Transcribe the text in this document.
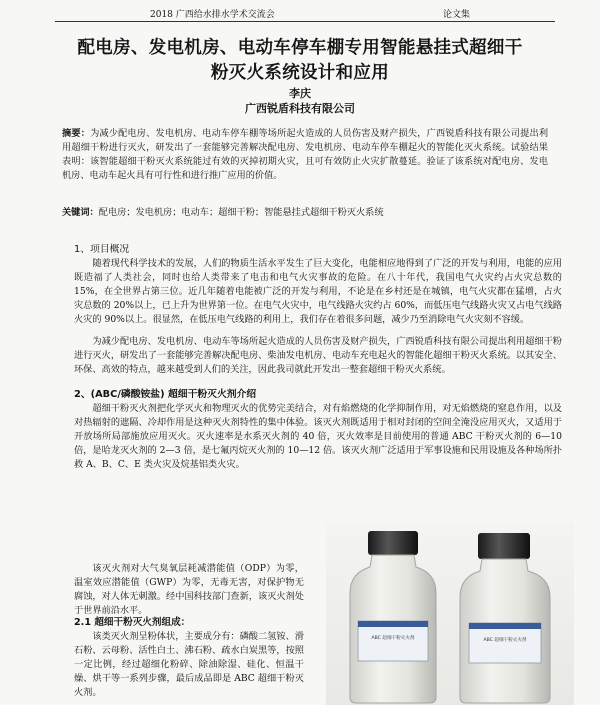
2018 广西给水排水学术交流会	论文集
配电房、发电机房、电动车停车棚专用智能悬挂式超细干
粉灭火系统设计和应用
李庆
广西锐盾科技有限公司
摘要：为减少配电房、发电机房、电动车停车棚等场所起火造成的人员伤害及财产损失，广西锐盾科技有限公司提出利用超细干粉进行灭火，研发出了一套能够完善解决配电房、发电机房、电动车停车棚起火的智能化灭火系统。试验结果表明：该智能超细干粉灭火系统能过有效的灭掉初期火灾，且可有效防止火灾扩散蔓延。验证了该系统对配电房、发电机房、电动车起火具有可行性和进行推广应用的价值。
关键词：配电房；发电机房；电动车；超细干粉；智能悬挂式超细干粉灭火系统
1、项目概况
随着现代科学技术的发展，人们的物质生活水平发生了巨大变化，电能相应地得到了广泛的开发与利用，电能的应用既造福了人类社会，同时也给人类带来了电击和电气火灾事故的危险。在八十年代，我国电气火灾约占火灾总数的 15%，在全世界占第三位。近几年随着电能被广泛的开发与利用，不论是在乡村还是在城镇，电气火灾都在猛增，占火灾总数的 20%以上，已上升为世界第一位。在电气火灾中，电气线路火灾约占 60%，而低压电气线路火灾又占电气线路火灾的 90%以上。很显然，在低压电气线路的利用上，我们存在着很多问题，减少乃至消除电气火灾刻不容缓。
为减少配电房、发电机房、电动车等场所起火造成的人员伤害及财产损失，广西锐盾科技有限公司提出利用超细干粉进行灭火，研发出了一套能够完善解决配电房、柴油发电机房、电动车充电起火的智能化超细干粉灭火系统。以其安全、环保、高效的特点，越来越受到人们的关注，因此我司就此开发出一整套超细干粉灭火系统。
2、(ABC/磷酸铵盐) 超细干粉灭火剂介绍
超细干粉灭火剂把化学灭火和物理灭火的优势完美结合，对有焰燃烧的化学抑制作用，对无焰燃烧的窒息作用，以及对热辐射的遮隔、冷却作用是这种灭火剂特性的集中体验。该灭火剂既适用于相对封闭的空间全淹没应用灭火，又适用于开放场所局部施放应用灭火。灭火速率是水系灭火剂的 40 倍，灭火效率是目前使用的普通 ABC 干粉灭火剂的 6—10 倍，是哈龙灭火剂的 2—3 倍，是七氟丙烷灭火剂的 10—12 倍。该灭火剂广泛适用于军事设施和民用设施及各种场所扑救 A、B、C、E 类火灾及烷基铝类火灾。
该灭火剂对大气臭氧层耗减潜能值（ODP）为零，温室效应潜能值（GWP）为零，无毒无害，对保护物无腐蚀，对人体无刺激。经中国科技部门查新，该灭火剂处于世界前沿水平。
2.1 超细干粉灭火剂组成：
该类灭火剂呈粉体状，主要成分有：磷酸二氢铵、滑石粉、云母粉、活性白土、沸石粉、疏水白炭黑等，按照一定比例，经过超细化粉碎、除油除湿、硅化、恒温干燥、烘干等一系列步骤，最后成品即是 ABC 超细干粉灭火剂。
ABC 超细干粉灭火剂	ABC 超细干粉灭火剂
